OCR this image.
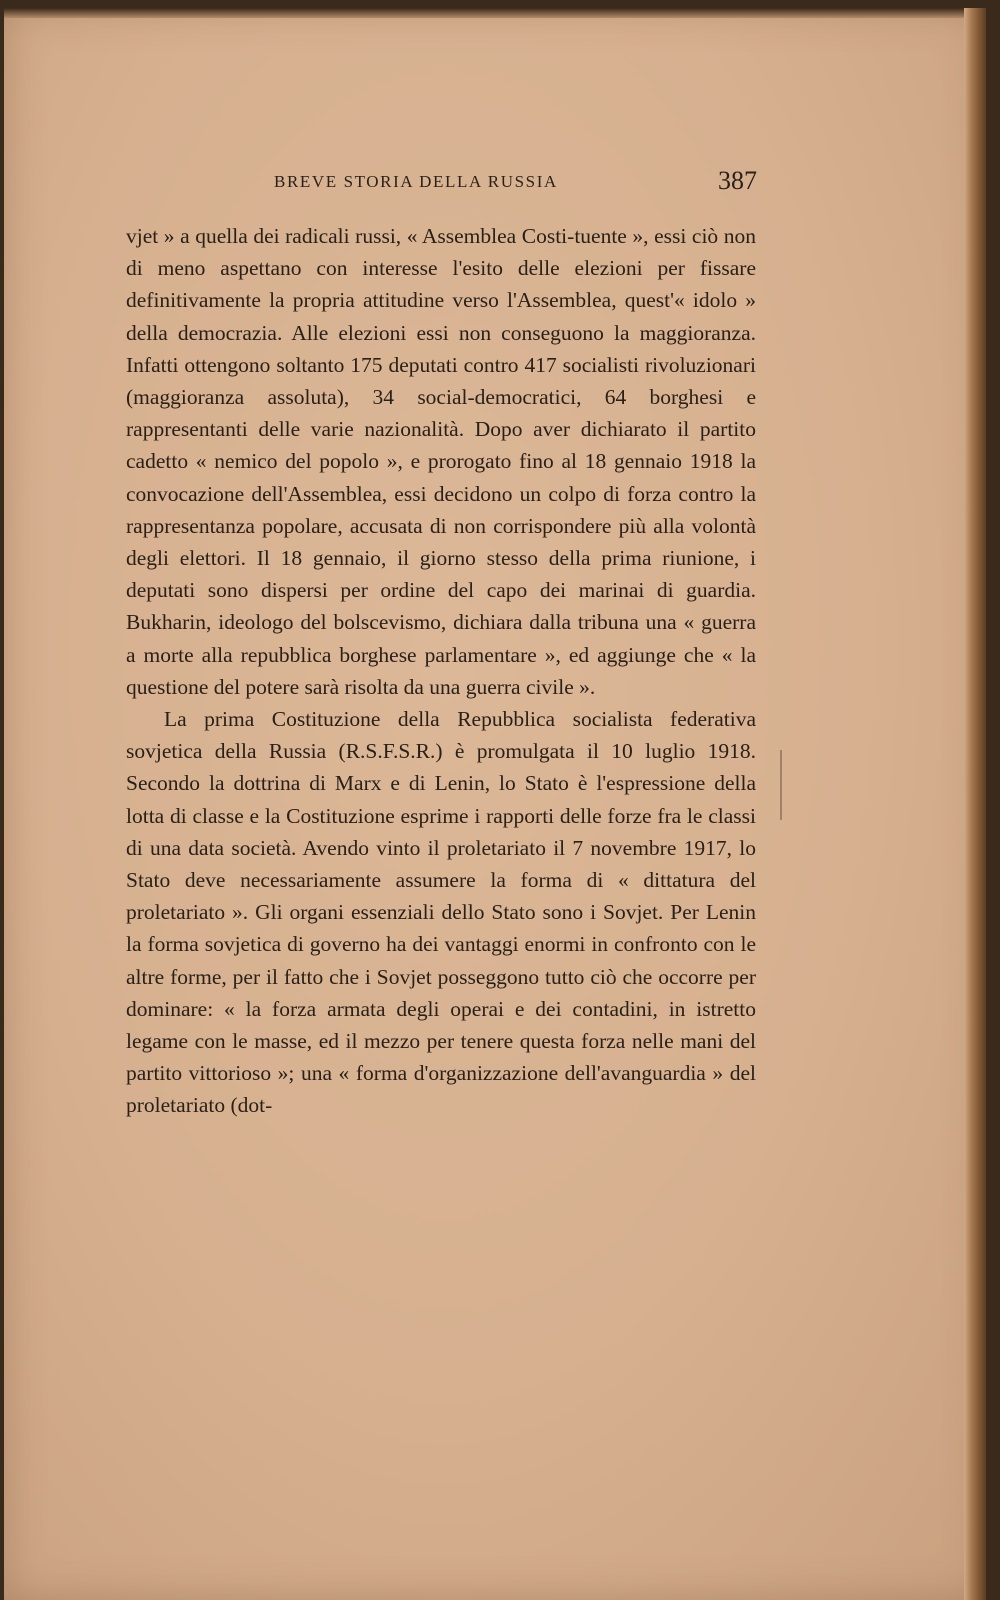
BREVE STORIA DELLA RUSSIA	387

vjet » a quella dei radicali russi, « Assemblea Costi-tuente », essi ciò non di meno aspettano con interesse l'esito delle elezioni per fissare definitivamente la propria attitudine verso l'Assemblea, quest'« idolo » della democrazia. Alle elezioni essi non conseguono la maggioranza. Infatti ottengono soltanto 175 deputati contro 417 socialisti rivoluzionari (maggioranza assoluta), 34 social-democratici, 64 borghesi e rappresentanti delle varie nazionalità. Dopo aver dichiarato il partito cadetto « nemico del popolo », e prorogato fino al 18 gennaio 1918 la convocazione dell'Assemblea, essi decidono un colpo di forza contro la rappresentanza popolare, accusata di non corrispondere più alla volontà degli elettori. Il 18 gennaio, il giorno stesso della prima riunione, i deputati sono dispersi per ordine del capo dei marinai di guardia. Bukharin, ideologo del bolscevismo, dichiara dalla tribuna una « guerra a morte alla repubblica borghese parlamentare », ed aggiunge che « la questione del potere sarà risolta da una guerra civile ».

La prima Costituzione della Repubblica socialista federativa sovjetica della Russia (R.S.F.S.R.) è promulgata il 10 luglio 1918. Secondo la dottrina di Marx e di Lenin, lo Stato è l'espressione della lotta di classe e la Costituzione esprime i rapporti delle forze fra le classi di una data società. Avendo vinto il proletariato il 7 novembre 1917, lo Stato deve necessariamente assumere la forma di « dittatura del proletariato ». Gli organi essenziali dello Stato sono i Sovjet. Per Lenin la forma sovjetica di governo ha dei vantaggi enormi in confronto con le altre forme, per il fatto che i Sovjet posseggono tutto ciò che occorre per dominare: « la forza armata degli operai e dei contadini, in istretto legame con le masse, ed il mezzo per tenere questa forza nelle mani del partito vittorioso »; una « forma d'organizzazione dell'avanguardia » del proletariato (dot-
